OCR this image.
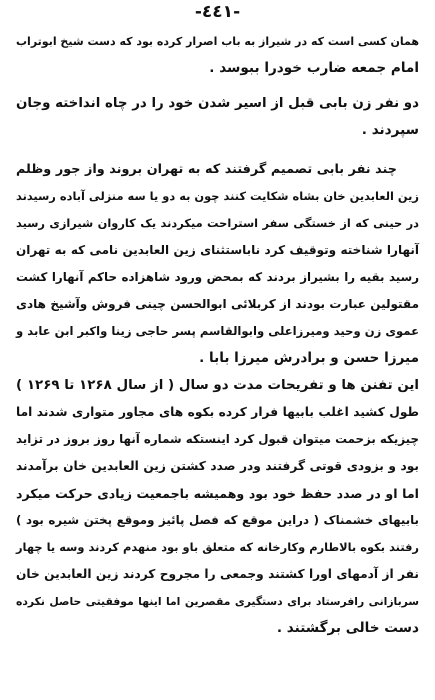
-٤٤١-

همان کسی است که در شیراز به باب اصرار کرده بود که دست شیخ ابوتراب

امام جمعه ضارب خودرا ببوسد .

دو نفر زن بابی قبل از اسیر شدن خود را در چاه انداخته وجان

سپردند .

چند نفر بابی تصمیم گرفتند که به تهران بروند واز جور وظلم

زین العابدین خان بشاه شکایت کنند چون به دو یا سه منزلی آباده رسیدند

در حینی که از خستگی سفر استراحت میکردند یک کاروان شیرازی رسید

آنهارا شناخته وتوقیف کرد ناباستثنای زین العابدین نامی که به تهران

رسید بقیه را بشیراز بردند که بمحض ورود شاهزاده حاکم آنهارا کشت

مقتولین عبارت بودند از کربلائی ابوالحسن چینی فروش وآشیخ هادی

عموی زن وحید ومیرزاعلی وابوالقاسم پسر حاجی زینا واکبر ابن عابد و

میرزا حسن و برادرش میرزا بابا .

این تفنن ها و تفریحات مدت دو سال ( از سال ۱۲۶۸ تا ۱۲۶۹ )

طول کشید اغلب بابیها فرار کرده بکوه های مجاور متواری شدند اما

چیزیکه بزحمت میتوان قبول کرد اینستکه شماره آنها روز بروز در تزاید

بود و بزودی قوتی گرفتند ودر صدد کشتن زین العابدین خان برآمدند

اما او در صدد حفظ خود بود وهمیشه باجمعیت زیادی حرکت میکرد

بابیهای خشمناک ( دراین موقع که فصل پائیز وموقع پختن شیره بود )

رفتند بکوه بالاطارم وکارخانه که متعلق باو بود منهدم کردند وسه یا چهار

نفر از آدمهای اورا کشتند وجمعی را مجروح کردند زین العابدین خان

سربازانی رافرستاد برای دستگیری مقصرین اما اینها موفقیتی حاصل نکرده

دست خالی برگشتند .
